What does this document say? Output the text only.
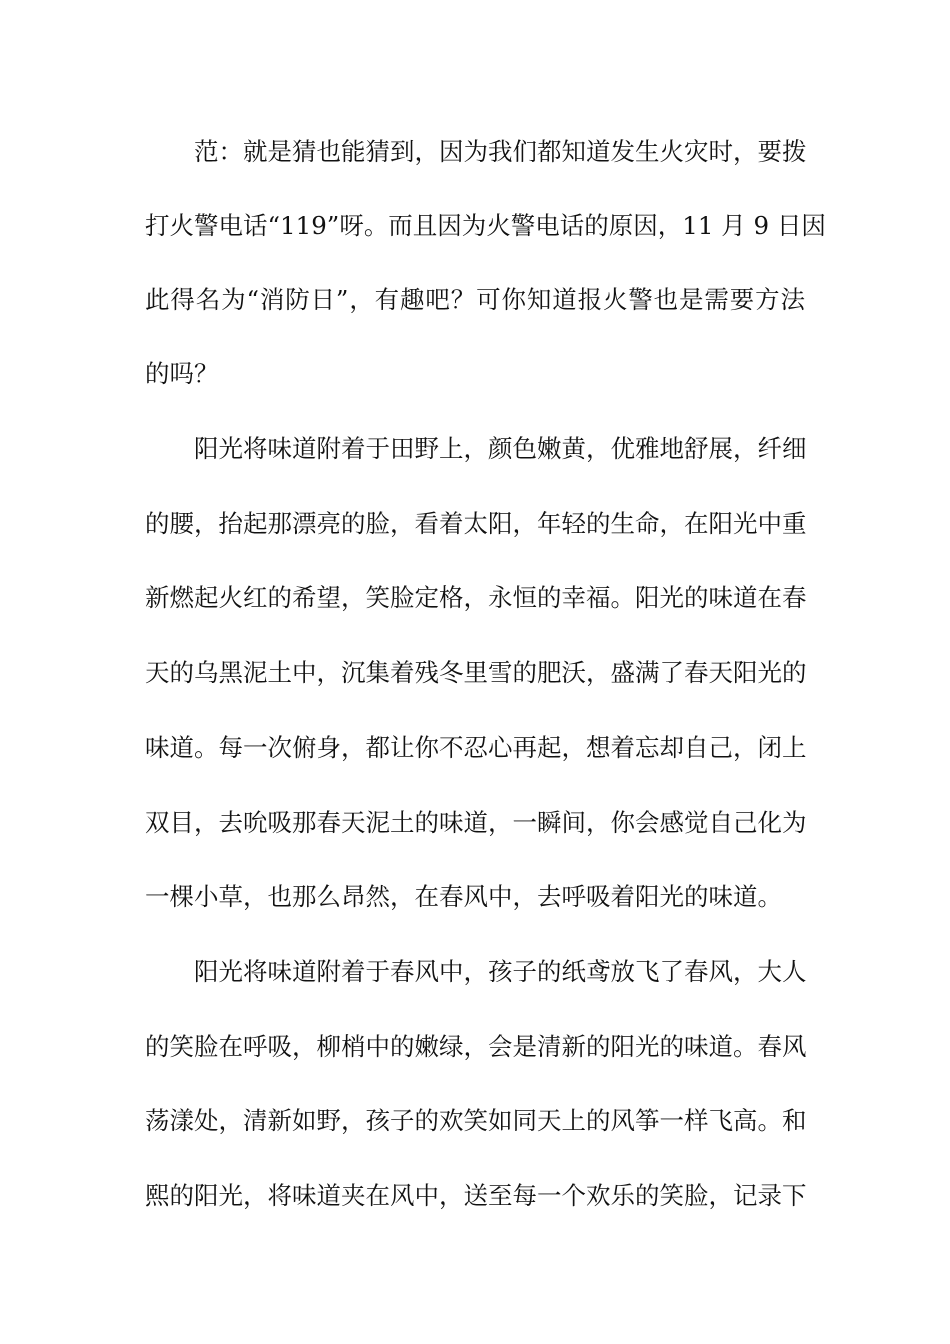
范：就是猜也能猜到，因为我们都知道发生火灾时，要拨
打火警电话“119”呀。而且因为火警电话的原因，11 月 9 日因
此得名为“消防日”，有趣吧？可你知道报火警也是需要方法
的吗？
阳光将味道附着于田野上，颜色嫩黄，优雅地舒展，纤细
的腰，抬起那漂亮的脸，看着太阳，年轻的生命，在阳光中重
新燃起火红的希望，笑脸定格，永恒的幸福。阳光的味道在春
天的乌黑泥土中，沉集着残冬里雪的肥沃，盛满了春天阳光的
味道。每一次俯身，都让你不忍心再起，想着忘却自己，闭上
双目，去吮吸那春天泥土的味道，一瞬间，你会感觉自己化为
一棵小草，也那么昂然，在春风中，去呼吸着阳光的味道。
阳光将味道附着于春风中，孩子的纸鸢放飞了春风，大人
的笑脸在呼吸，柳梢中的嫩绿，会是清新的阳光的味道。春风
荡漾处，清新如野，孩子的欢笑如同天上的风筝一样飞高。和
熙的阳光，将味道夹在风中，送至每一个欢乐的笑脸，记录下
